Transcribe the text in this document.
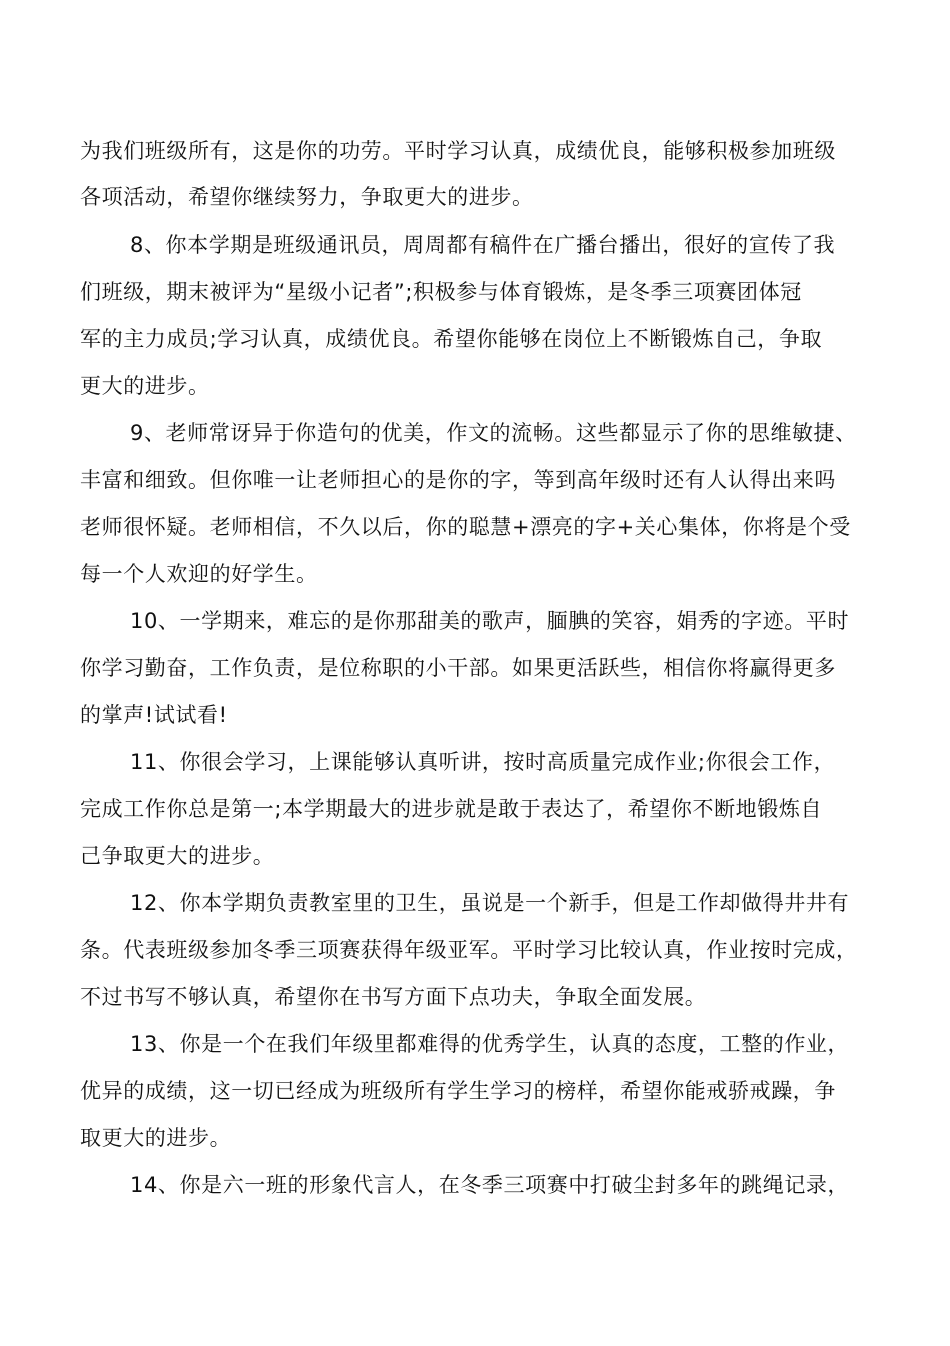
为我们班级所有，这是你的功劳。平时学习认真，成绩优良，能够积极参加班级
各项活动，希望你继续努力，争取更大的进步。
8、你本学期是班级通讯员，周周都有稿件在广播台播出，很好的宣传了我
们班级，期末被评为“星级小记者”;积极参与体育锻炼，是冬季三项赛团体冠
军的主力成员;学习认真，成绩优良。希望你能够在岗位上不断锻炼自己，争取
更大的进步。
9、老师常讶异于你造句的优美，作文的流畅。这些都显示了你的思维敏捷、
丰富和细致。但你唯一让老师担心的是你的字，等到高年级时还有人认得出来吗
老师很怀疑。老师相信，不久以后，你的聪慧+漂亮的字+关心集体，你将是个受
每一个人欢迎的好学生。
10、一学期来，难忘的是你那甜美的歌声，腼腆的笑容，娟秀的字迹。平时
你学习勤奋，工作负责，是位称职的小干部。如果更活跃些，相信你将赢得更多
的掌声!试试看!
11、你很会学习，上课能够认真听讲，按时高质量完成作业;你很会工作，
完成工作你总是第一;本学期最大的进步就是敢于表达了，希望你不断地锻炼自
己争取更大的进步。
12、你本学期负责教室里的卫生，虽说是一个新手，但是工作却做得井井有
条。代表班级参加冬季三项赛获得年级亚军。平时学习比较认真，作业按时完成，
不过书写不够认真，希望你在书写方面下点功夫，争取全面发展。
13、你是一个在我们年级里都难得的优秀学生，认真的态度，工整的作业，
优异的成绩，这一切已经成为班级所有学生学习的榜样，希望你能戒骄戒躁，争
取更大的进步。
14、你是六一班的形象代言人，在冬季三项赛中打破尘封多年的跳绳记录，
